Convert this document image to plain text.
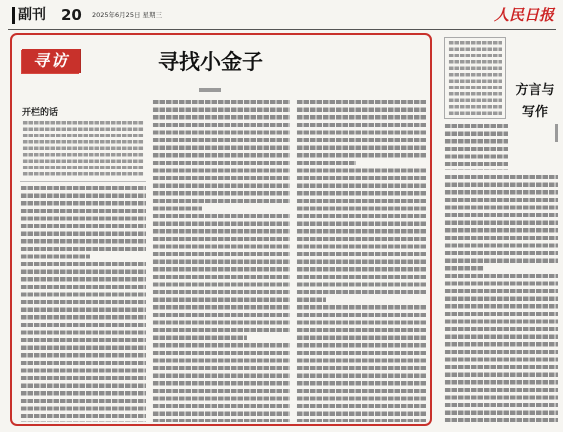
副刊 20 2025年6月25日 星期三	人民日报
寻访	寻找小金子
开栏的话
方言与写作
